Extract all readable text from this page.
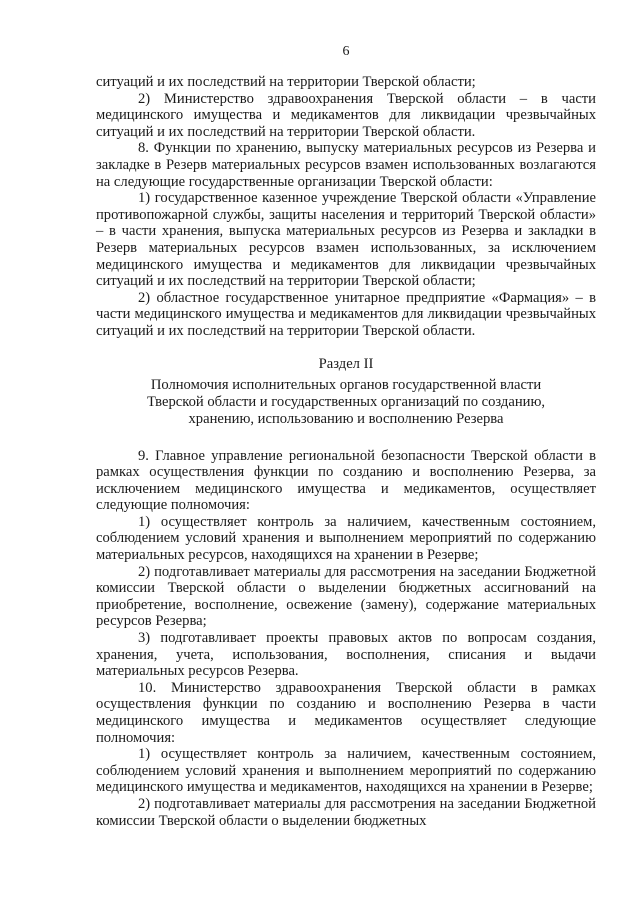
6

ситуаций и их последствий на территории Тверской области;

2) Министерство здравоохранения Тверской области – в части медицинского имущества и медикаментов для ликвидации чрезвычайных ситуаций и их последствий на территории Тверской области.

8. Функции по хранению, выпуску материальных ресурсов из Резерва и закладке в Резерв материальных ресурсов взамен использованных возлагаются на следующие государственные организации Тверской области:

1) государственное казенное учреждение Тверской области «Управление противопожарной службы, защиты населения и территорий Тверской области» – в части хранения, выпуска материальных ресурсов из Резерва и закладки в Резерв материальных ресурсов взамен использованных, за исключением медицинского имущества и медикаментов для ликвидации чрезвычайных ситуаций и их последствий на территории Тверской области;

2) областное государственное унитарное предприятие «Фармация» – в части медицинского имущества и медикаментов для ликвидации чрезвычайных ситуаций и их последствий на территории Тверской области.

Раздел II
Полномочия исполнительных органов государственной власти
Тверской области и государственных организаций по созданию,
хранению, использованию и восполнению Резерва

9. Главное управление региональной безопасности Тверской области в рамках осуществления функции по созданию и восполнению Резерва, за исключением медицинского имущества и медикаментов, осуществляет следующие полномочия:

1) осуществляет контроль за наличием, качественным состоянием, соблюдением условий хранения и выполнением мероприятий по содержанию материальных ресурсов, находящихся на хранении в Резерве;

2) подготавливает материалы для рассмотрения на заседании Бюджетной комиссии Тверской области о выделении бюджетных ассигнований на приобретение, восполнение, освежение (замену), содержание материальных ресурсов Резерва;

3) подготавливает проекты правовых актов по вопросам создания, хранения, учета, использования, восполнения, списания и выдачи материальных ресурсов Резерва.

10. Министерство здравоохранения Тверской области в рамках осуществления функции по созданию и восполнению Резерва в части медицинского имущества и медикаментов осуществляет следующие полномочия:

1) осуществляет контроль за наличием, качественным состоянием, соблюдением условий хранения и выполнением мероприятий по содержанию медицинского имущества и медикаментов, находящихся на хранении в Резерве;

2) подготавливает материалы для рассмотрения на заседании Бюджетной комиссии Тверской области о выделении бюджетных
